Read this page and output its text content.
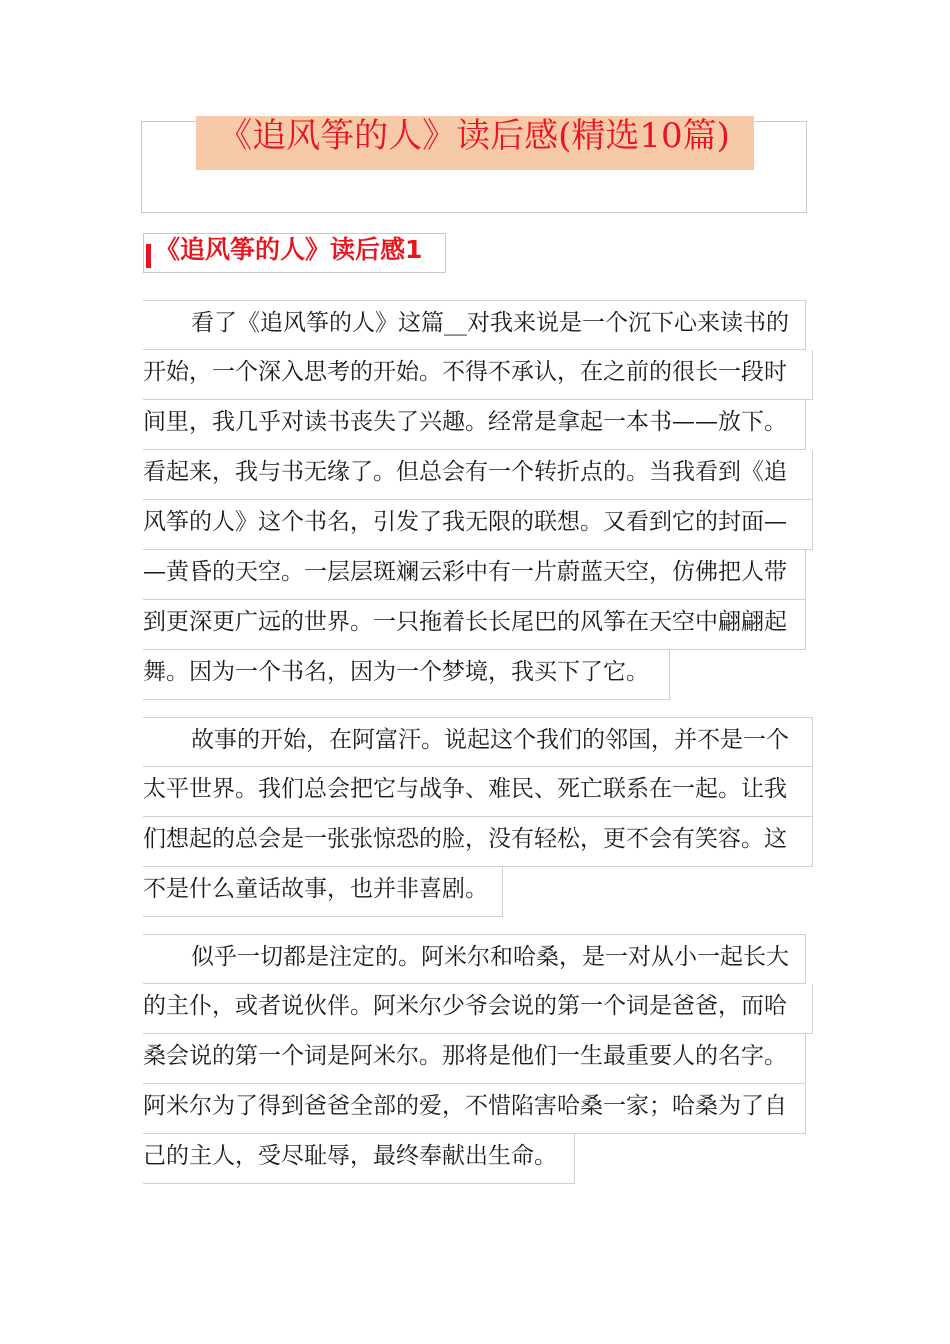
《追风筝的人》读后感(精选10篇)
《追风筝的人》读后感1
看了《追风筝的人》这篇__对我来说是一个沉下心来读书的
开始，一个深入思考的开始。不得不承认，在之前的很长一段时
间里，我几乎对读书丧失了兴趣。经常是拿起一本书——放下。
看起来，我与书无缘了。但总会有一个转折点的。当我看到《追
风筝的人》这个书名，引发了我无限的联想。又看到它的封面—
—黄昏的天空。一层层斑斓云彩中有一片蔚蓝天空，仿佛把人带
到更深更广远的世界。一只拖着长长尾巴的风筝在天空中翩翩起
舞。因为一个书名，因为一个梦境，我买下了它。
故事的开始，在阿富汗。说起这个我们的邻国，并不是一个
太平世界。我们总会把它与战争、难民、死亡联系在一起。让我
们想起的总会是一张张惊恐的脸，没有轻松，更不会有笑容。这
不是什么童话故事，也并非喜剧。
似乎一切都是注定的。阿米尔和哈桑，是一对从小一起长大
的主仆，或者说伙伴。阿米尔少爷会说的第一个词是爸爸，而哈
桑会说的第一个词是阿米尔。那将是他们一生最重要人的名字。
阿米尔为了得到爸爸全部的爱，不惜陷害哈桑一家；哈桑为了自
己的主人，受尽耻辱，最终奉献出生命。
